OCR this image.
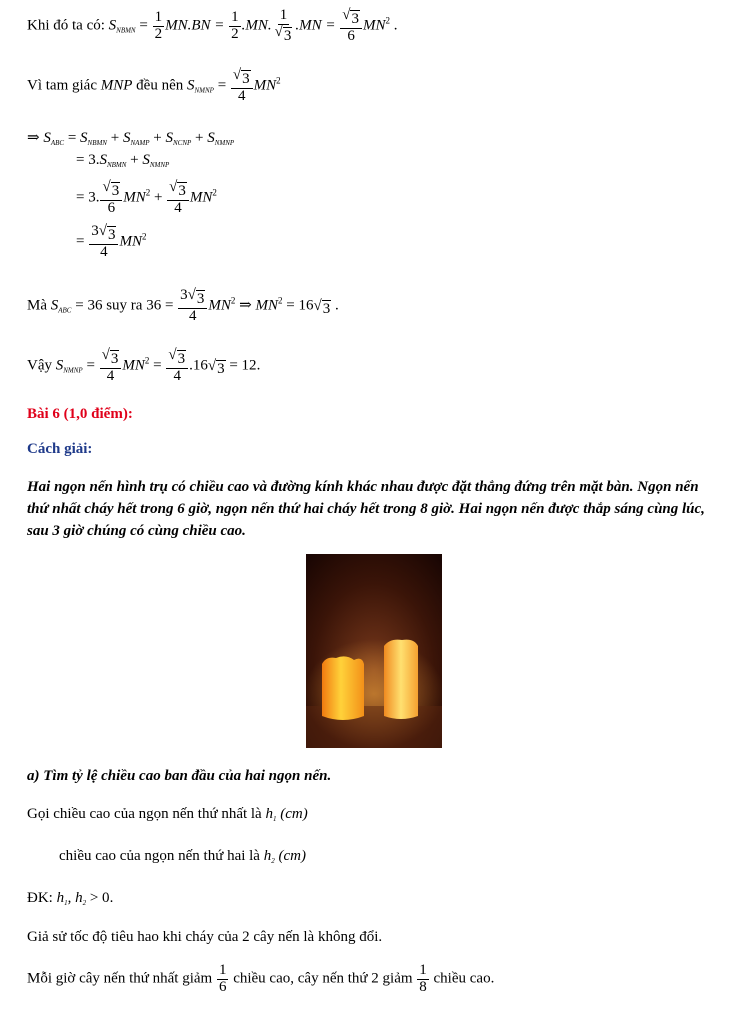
Khi đó ta có: $S_{NBMN} = \frac{1}{2} MN.BN = \frac{1}{2} .MN$. $\frac{1}{√ 3} .MN = \frac{√ 3}{6} MN^2$ .
Vì tam giác MNP đều nên $S_{NMNP} = \frac{√ 3}{4} MN^2$
⇒ $S_{ABC} = S_{NBMN} + S_{NAMP} + S_{NCNP} + S_{NMNP}$
= $3.S_{NBMN} + S_{NMNP}$
= 3. $\frac{√ 3}{6} MN^2 + \frac{√ 3}{4} MN^2$
= $\frac{3 √ 3}{4} MN^2$
Mà $S_{ABC} = 36$ suy ra $36 = \frac{3 √ 3}{4} MN^2$ ⇒ $MN^2 = 16$ √ 3 .
Vậy $S_{NMNP} = \frac{√ 3}{4} MN^2 = \frac{√ 3}{4} .16$ √ 3 = 12.
Bài 6 (1,0 điểm):
Cách giải:
Hai ngọn nến hình trụ có chiều cao và đường kính khác nhau được đặt thẳng đứng trên mặt bàn. Ngọn nến thứ nhất cháy hết trong 6 giờ, ngọn nến thứ hai cháy hết trong 8 giờ. Hai ngọn nến được thắp sáng cùng lúc, sau 3 giờ chúng có cùng chiều cao.
a) Tìm tỷ lệ chiều cao ban đầu của hai ngọn nến.
Gọi chiều cao của ngọn nến thứ nhất là $h_1$ (cm)
chiều cao của ngọn nến thứ hai là $h_2$ (cm)
ĐK: $h_1$, $h_2 > 0$.
Giả sử tốc độ tiêu hao khi cháy của 2 cây nến là không đổi.
Mỗi giờ cây nến thứ nhất giảm $\frac{1}{6}$ chiều cao, cây nến thứ 2 giảm $\frac{1}{8}$ chiều cao.
